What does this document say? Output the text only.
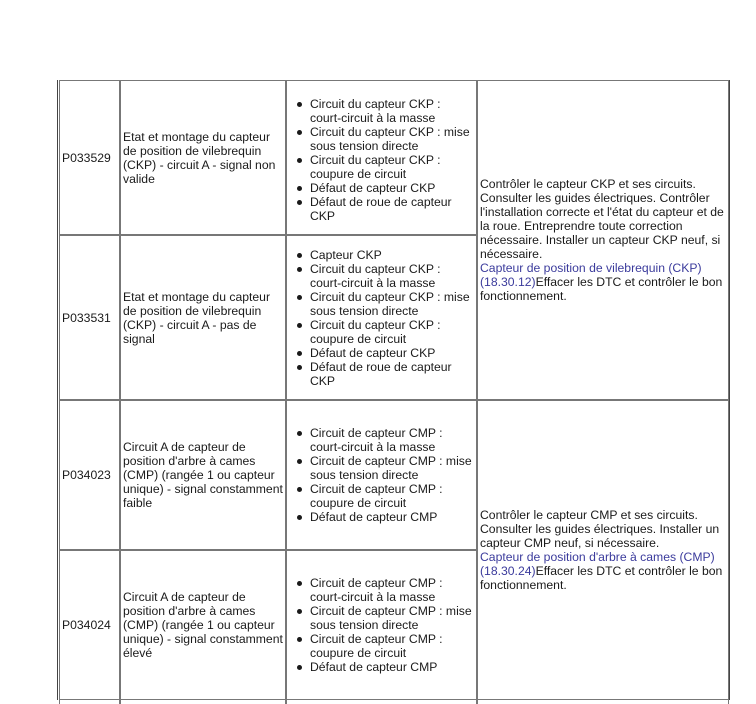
P033529
Etat et montage du capteur de position de vilebrequin (CKP) - circuit A - signal non valide
Circuit du capteur CKP : court-circuit à la masse
Circuit du capteur CKP : mise sous tension directe
Circuit du capteur CKP : coupure de circuit
Défaut de capteur CKP
Défaut de roue de capteur CKP
Contrôler le capteur CKP et ses circuits. Consulter les guides électriques. Contrôler l'installation correcte et l'état du capteur et de la roue. Entreprendre toute correction nécessaire. Installer un capteur CKP neuf, si nécessaire.
Capteur de position de vilebrequin (CKP) (18.30.12)Effacer les DTC et contrôler le bon fonctionnement.
P033531
Etat et montage du capteur de position de vilebrequin (CKP) - circuit A - pas de signal
Capteur CKP
Circuit du capteur CKP : court-circuit à la masse
Circuit du capteur CKP : mise sous tension directe
Circuit du capteur CKP : coupure de circuit
Défaut de capteur CKP
Défaut de roue de capteur CKP
P034023
Circuit A de capteur de position d'arbre à cames (CMP) (rangée 1 ou capteur unique) - signal constamment faible
Circuit de capteur CMP : court-circuit à la masse
Circuit de capteur CMP : mise sous tension directe
Circuit de capteur CMP : coupure de circuit
Défaut de capteur CMP	Contrôler le capteur CMP et ses circuits. Consulter les guides électriques. Installer un capteur CMP neuf, si nécessaire.
Capteur de position d'arbre à cames (CMP) (18.30.24)Effacer les DTC et contrôler le bon fonctionnement.
P034024
Circuit A de capteur de position d'arbre à cames (CMP) (rangée 1 ou capteur unique) - signal constamment élevé
Circuit de capteur CMP : court-circuit à la masse
Circuit de capteur CMP : mise sous tension directe
Circuit de capteur CMP : coupure de circuit
Défaut de capteur CMP
